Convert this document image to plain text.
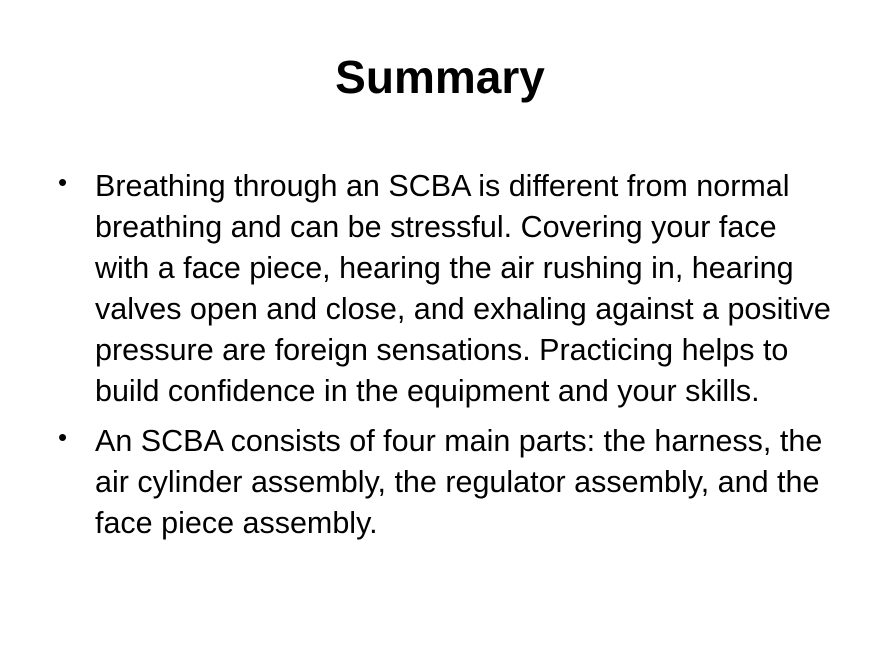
Summary
• Breathing through an SCBA is different from normal breathing and can be stressful. Covering your face with a face piece, hearing the air rushing in, hearing valves open and close, and exhaling against a positive pressure are foreign sensations. Practicing helps to build confidence in the equipment and your skills.
• An SCBA consists of four main parts: the harness, the air cylinder assembly, the regulator assembly, and the face piece assembly.
